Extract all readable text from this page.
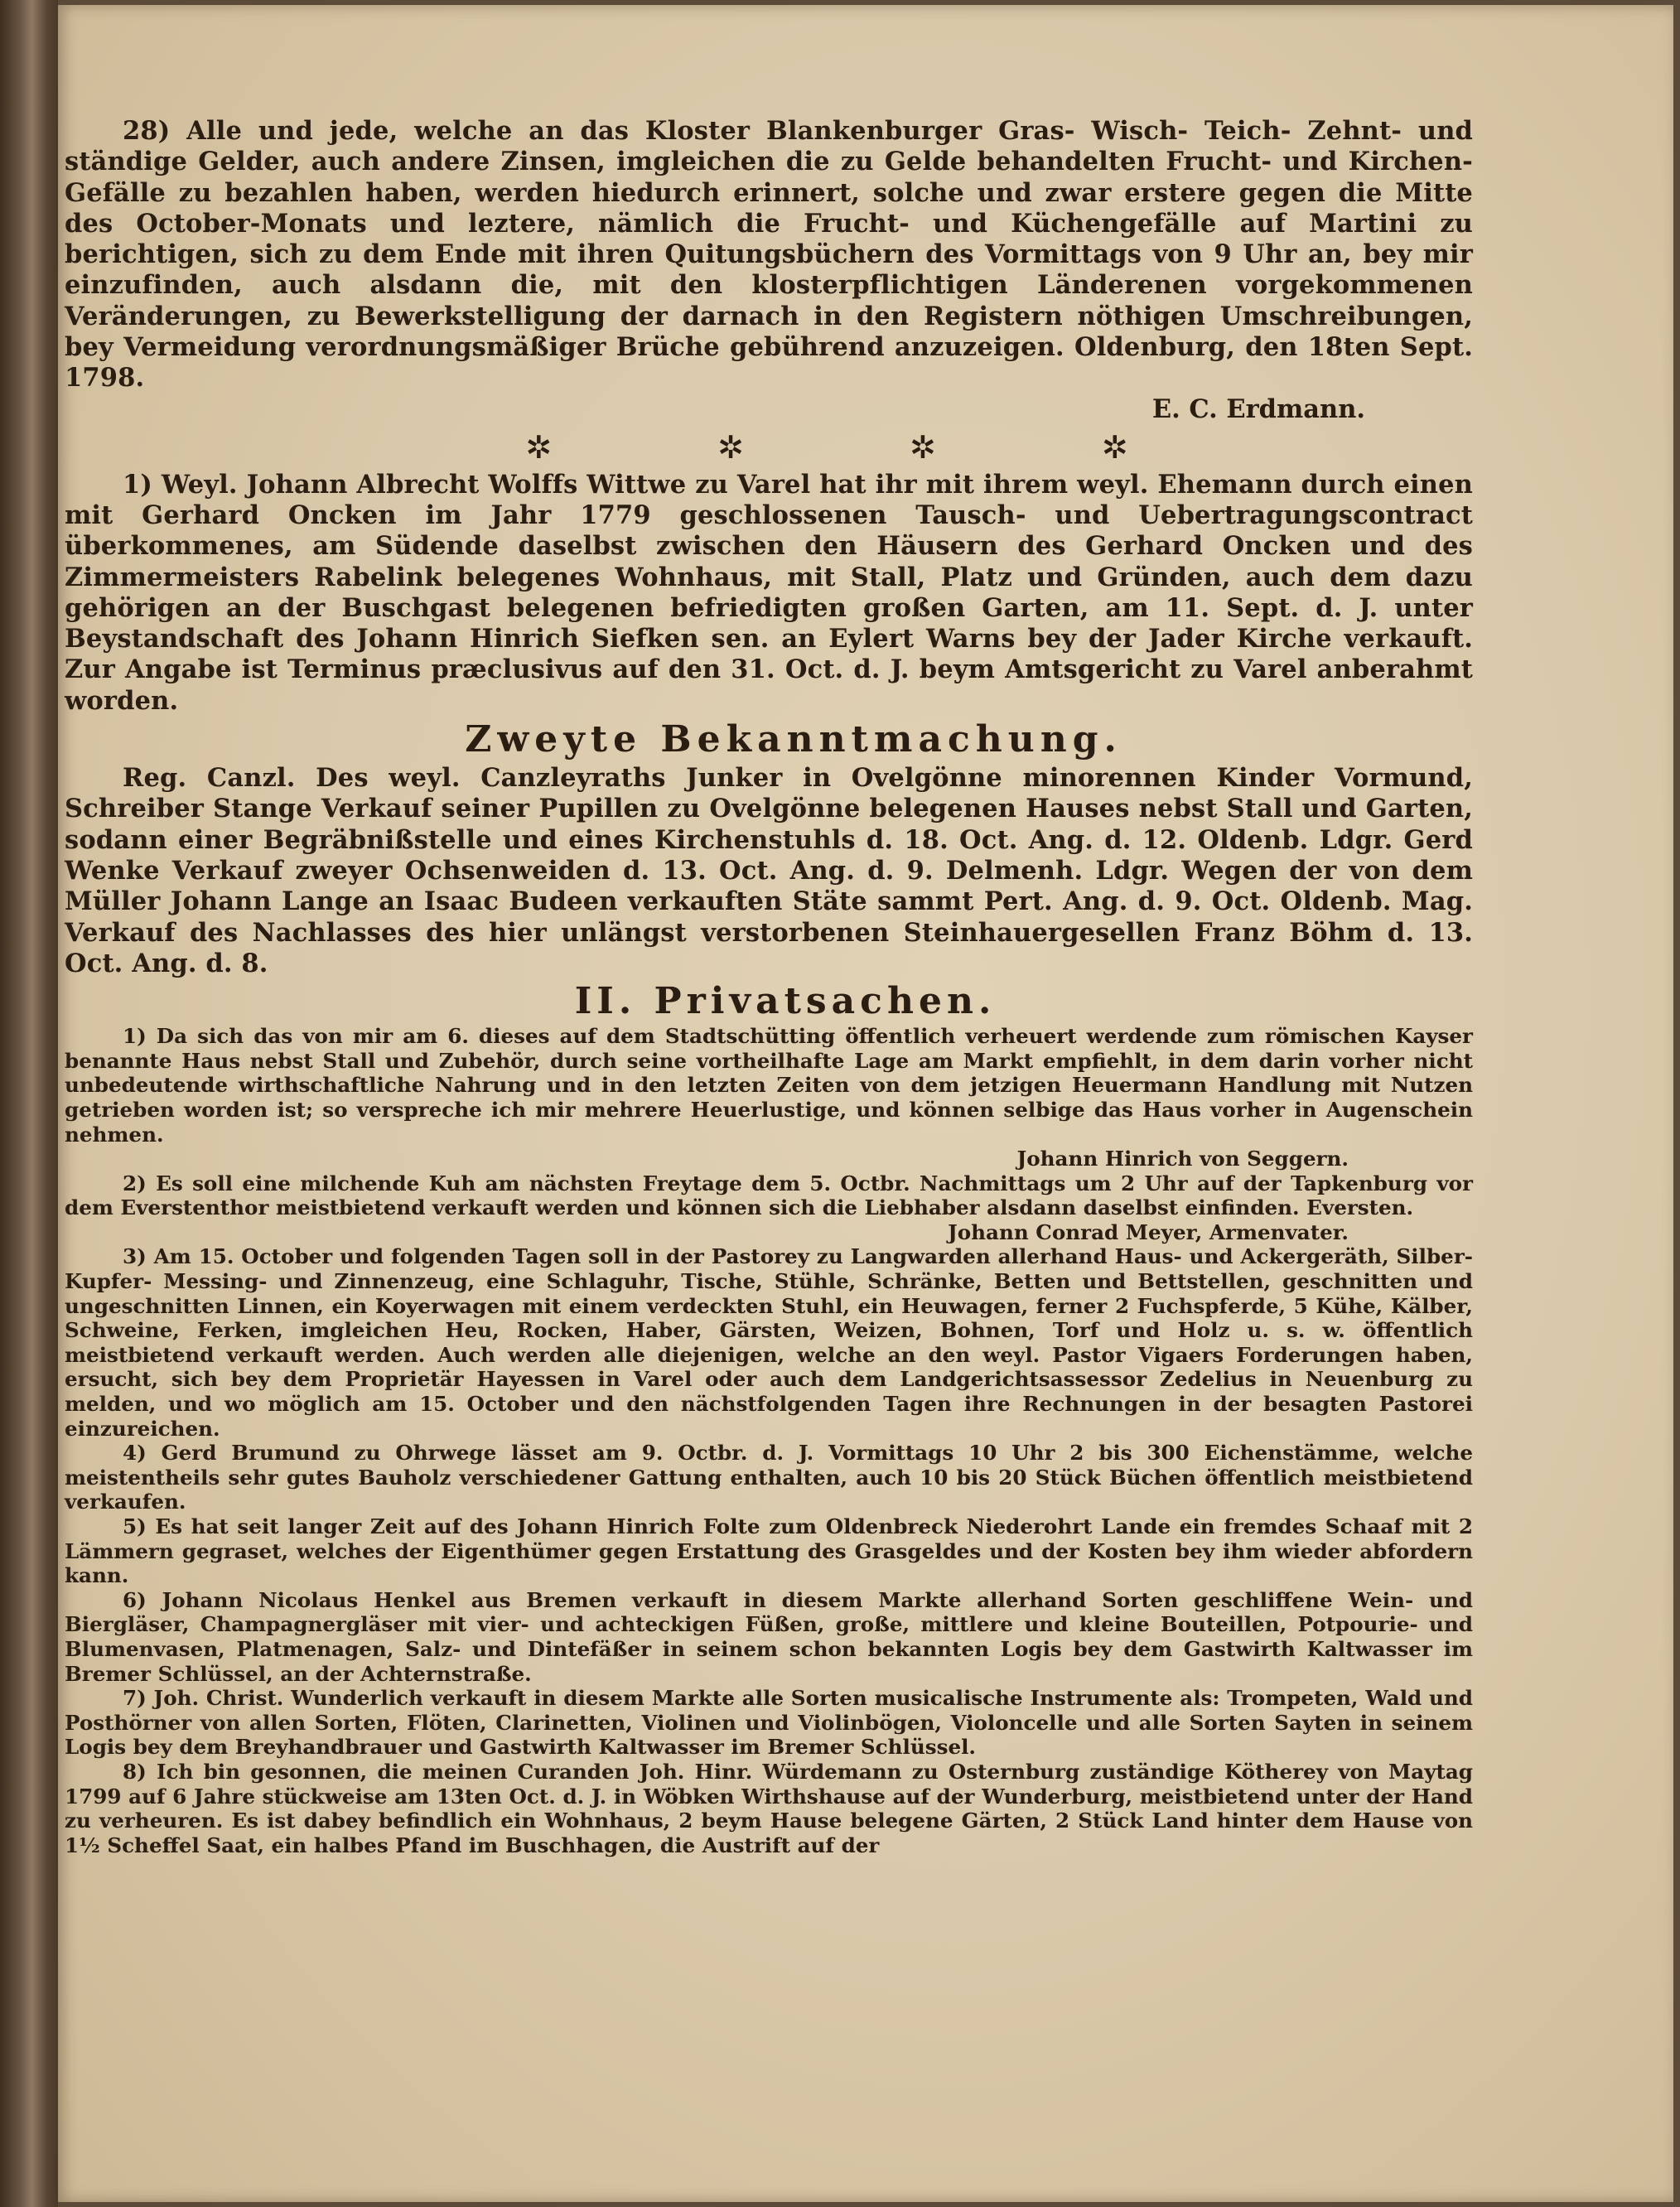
28) Alle und jede, welche an das Kloster Blankenburger Gras- Wisch- Teich- Zehnt- und ständige Gelder, auch andere Zinsen, imgleichen die zu Gelde behandelten Frucht- und Kirchen-Gefälle zu bezahlen haben, werden hiedurch erinnert, solche und zwar erstere gegen die Mitte des October-Monats und leztere, nämlich die Frucht- und Küchengefälle auf Martini zu berichtigen, sich zu dem Ende mit ihren Quitungsbüchern des Vormittags von 9 Uhr an, bey mir einzufinden, auch alsdann die, mit den klosterpflichtigen Länderenen vorgekommenen Veränderungen, zu Bewerkstelligung der darnach in den Registern nöthigen Umschreibungen, bey Vermeidung verordnungsmäßiger Brüche gebührend anzuzeigen. Oldenburg, den 18ten Sept. 1798.

E. C. Erdmann.
✲	✲	✲	✲

1) Weyl. Johann Albrecht Wolffs Wittwe zu Varel hat ihr mit ihrem weyl. Ehemann durch einen mit Gerhard Oncken im Jahr 1779 geschlossenen Tausch- und Uebertragungscontract überkommenes, am Südende daselbst zwischen den Häusern des Gerhard Oncken und des Zimmermeisters Rabelink belegenes Wohnhaus, mit Stall, Platz und Gründen, auch dem dazu gehörigen an der Buschgast belegenen befriedigten großen Garten, am 11. Sept. d. J. unter Beystandschaft des Johann Hinrich Siefken sen. an Eylert Warns bey der Jader Kirche verkauft. Zur Angabe ist Terminus præclusivus auf den 31. Oct. d. J. beym Amtsgericht zu Varel anberahmt worden.

Zweyte Bekanntmachung.

Reg. Canzl. Des weyl. Canzleyraths Junker in Ovelgönne minorennen Kinder Vormund, Schreiber Stange Verkauf seiner Pupillen zu Ovelgönne belegenen Hauses nebst Stall und Garten, sodann einer Begräbnißstelle und eines Kirchenstuhls d. 18. Oct. Ang. d. 12. Oldenb. Ldgr. Gerd Wenke Verkauf zweyer Ochsenweiden d. 13. Oct. Ang. d. 9. Delmenh. Ldgr. Wegen der von dem Müller Johann Lange an Isaac Budeen verkauften Stäte sammt Pert. Ang. d. 9. Oct. Oldenb. Mag. Verkauf des Nachlasses des hier unlängst verstorbenen Steinhauergesellen Franz Böhm d. 13. Oct. Ang. d. 8.

II. Privatsachen.

1) Da sich das von mir am 6. dieses auf dem Stadtschütting öffentlich verheuert werdende zum römischen Kayser benannte Haus nebst Stall und Zubehör, durch seine vortheilhafte Lage am Markt empfiehlt, in dem darin vorher nicht unbedeutende wirthschaftliche Nahrung und in den letzten Zeiten von dem jetzigen Heuermann Handlung mit Nutzen getrieben worden ist; so verspreche ich mir mehrere Heuerlustige, und können selbige das Haus vorher in Augenschein nehmen.

Johann Hinrich von Seggern.

2) Es soll eine milchende Kuh am nächsten Freytage dem 5. Octbr. Nachmittags um 2 Uhr auf der Tapkenburg vor dem Everstenthor meistbietend verkauft werden und können sich die Liebhaber alsdann daselbst einfinden. Eversten.

Johann Conrad Meyer, Armenvater.

3) Am 15. October und folgenden Tagen soll in der Pastorey zu Langwarden allerhand Haus- und Ackergeräth, Silber- Kupfer- Messing- und Zinnenzeug, eine Schlaguhr, Tische, Stühle, Schränke, Betten und Bettstellen, geschnitten und ungeschnitten Linnen, ein Koyerwagen mit einem verdeckten Stuhl, ein Heuwagen, ferner 2 Fuchspferde, 5 Kühe, Kälber, Schweine, Ferken, imgleichen Heu, Rocken, Haber, Gärsten, Weizen, Bohnen, Torf und Holz u. s. w. öffentlich meistbietend verkauft werden. Auch werden alle diejenigen, welche an den weyl. Pastor Vigaers Forderungen haben, ersucht, sich bey dem Proprietär Hayessen in Varel oder auch dem Landgerichtsassessor Zedelius in Neuenburg zu melden, und wo möglich am 15. October und den nächstfolgenden Tagen ihre Rechnungen in der besagten Pastorei einzureichen.

4) Gerd Brumund zu Ohrwege lässet am 9. Octbr. d. J. Vormittags 10 Uhr 2 bis 300 Eichenstämme, welche meistentheils sehr gutes Bauholz verschiedener Gattung enthalten, auch 10 bis 20 Stück Büchen öffentlich meistbietend verkaufen.

5) Es hat seit langer Zeit auf des Johann Hinrich Folte zum Oldenbreck Niederohrt Lande ein fremdes Schaaf mit 2 Lämmern gegraset, welches der Eigenthümer gegen Erstattung des Grasgeldes und der Kosten bey ihm wieder abfordern kann.

6) Johann Nicolaus Henkel aus Bremen verkauft in diesem Markte allerhand Sorten geschliffene Wein- und Biergläser, Champagnergläser mit vier- und achteckigen Füßen, große, mittlere und kleine Bouteillen, Potpourie- und Blumenvasen, Platmenagen, Salz- und Dintefäßer in seinem schon bekannten Logis bey dem Gastwirth Kaltwasser im Bremer Schlüssel, an der Achternstraße.

7) Joh. Christ. Wunderlich verkauft in diesem Markte alle Sorten musicalische Instrumente als: Trompeten, Wald und Posthörner von allen Sorten, Flöten, Clarinetten, Violinen und Violinbögen, Violoncelle und alle Sorten Sayten in seinem Logis bey dem Breyhandbrauer und Gastwirth Kaltwasser im Bremer Schlüssel.

8) Ich bin gesonnen, die meinen Curanden Joh. Hinr. Würdemann zu Osternburg zuständige Kötherey von Maytag 1799 auf 6 Jahre stückweise am 13ten Oct. d. J. in Wöbken Wirthshause auf der Wunderburg, meistbietend unter der Hand zu verheuren. Es ist dabey befindlich ein Wohnhaus, 2 beym Hause belegene Gärten, 2 Stück Land hinter dem Hause von 1½ Scheffel Saat, ein halbes Pfand im Buschhagen, die Austrift auf der
